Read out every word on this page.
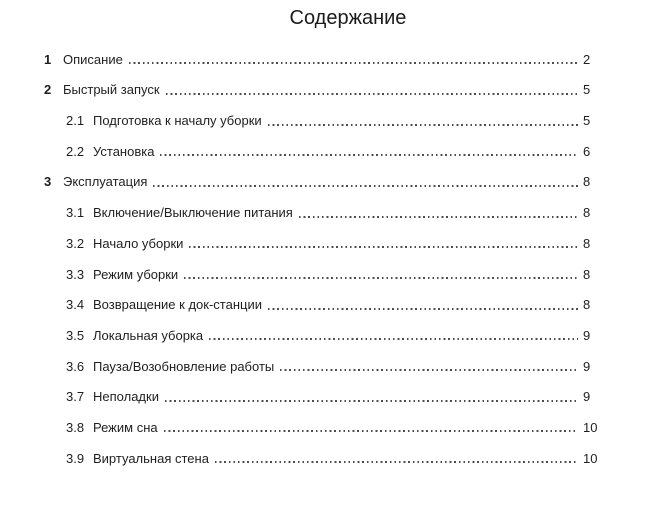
Содержание
1 Описание	2
2 Быстрый запуск	5
2.1 Подготовка к началу уборки	5
2.2 Установка	6
3 Эксплуатация	8
3.1 Включение/Выключение питания	8
3.2 Начало уборки	8
3.3 Режим уборки	8
3.4 Возвращение к док-станции	8
3.5 Локальная уборка	9
3.6 Пауза/Возобновление работы	9
3.7 Неполадки	9
3.8 Режим сна	10
3.9 Виртуальная стена	10
